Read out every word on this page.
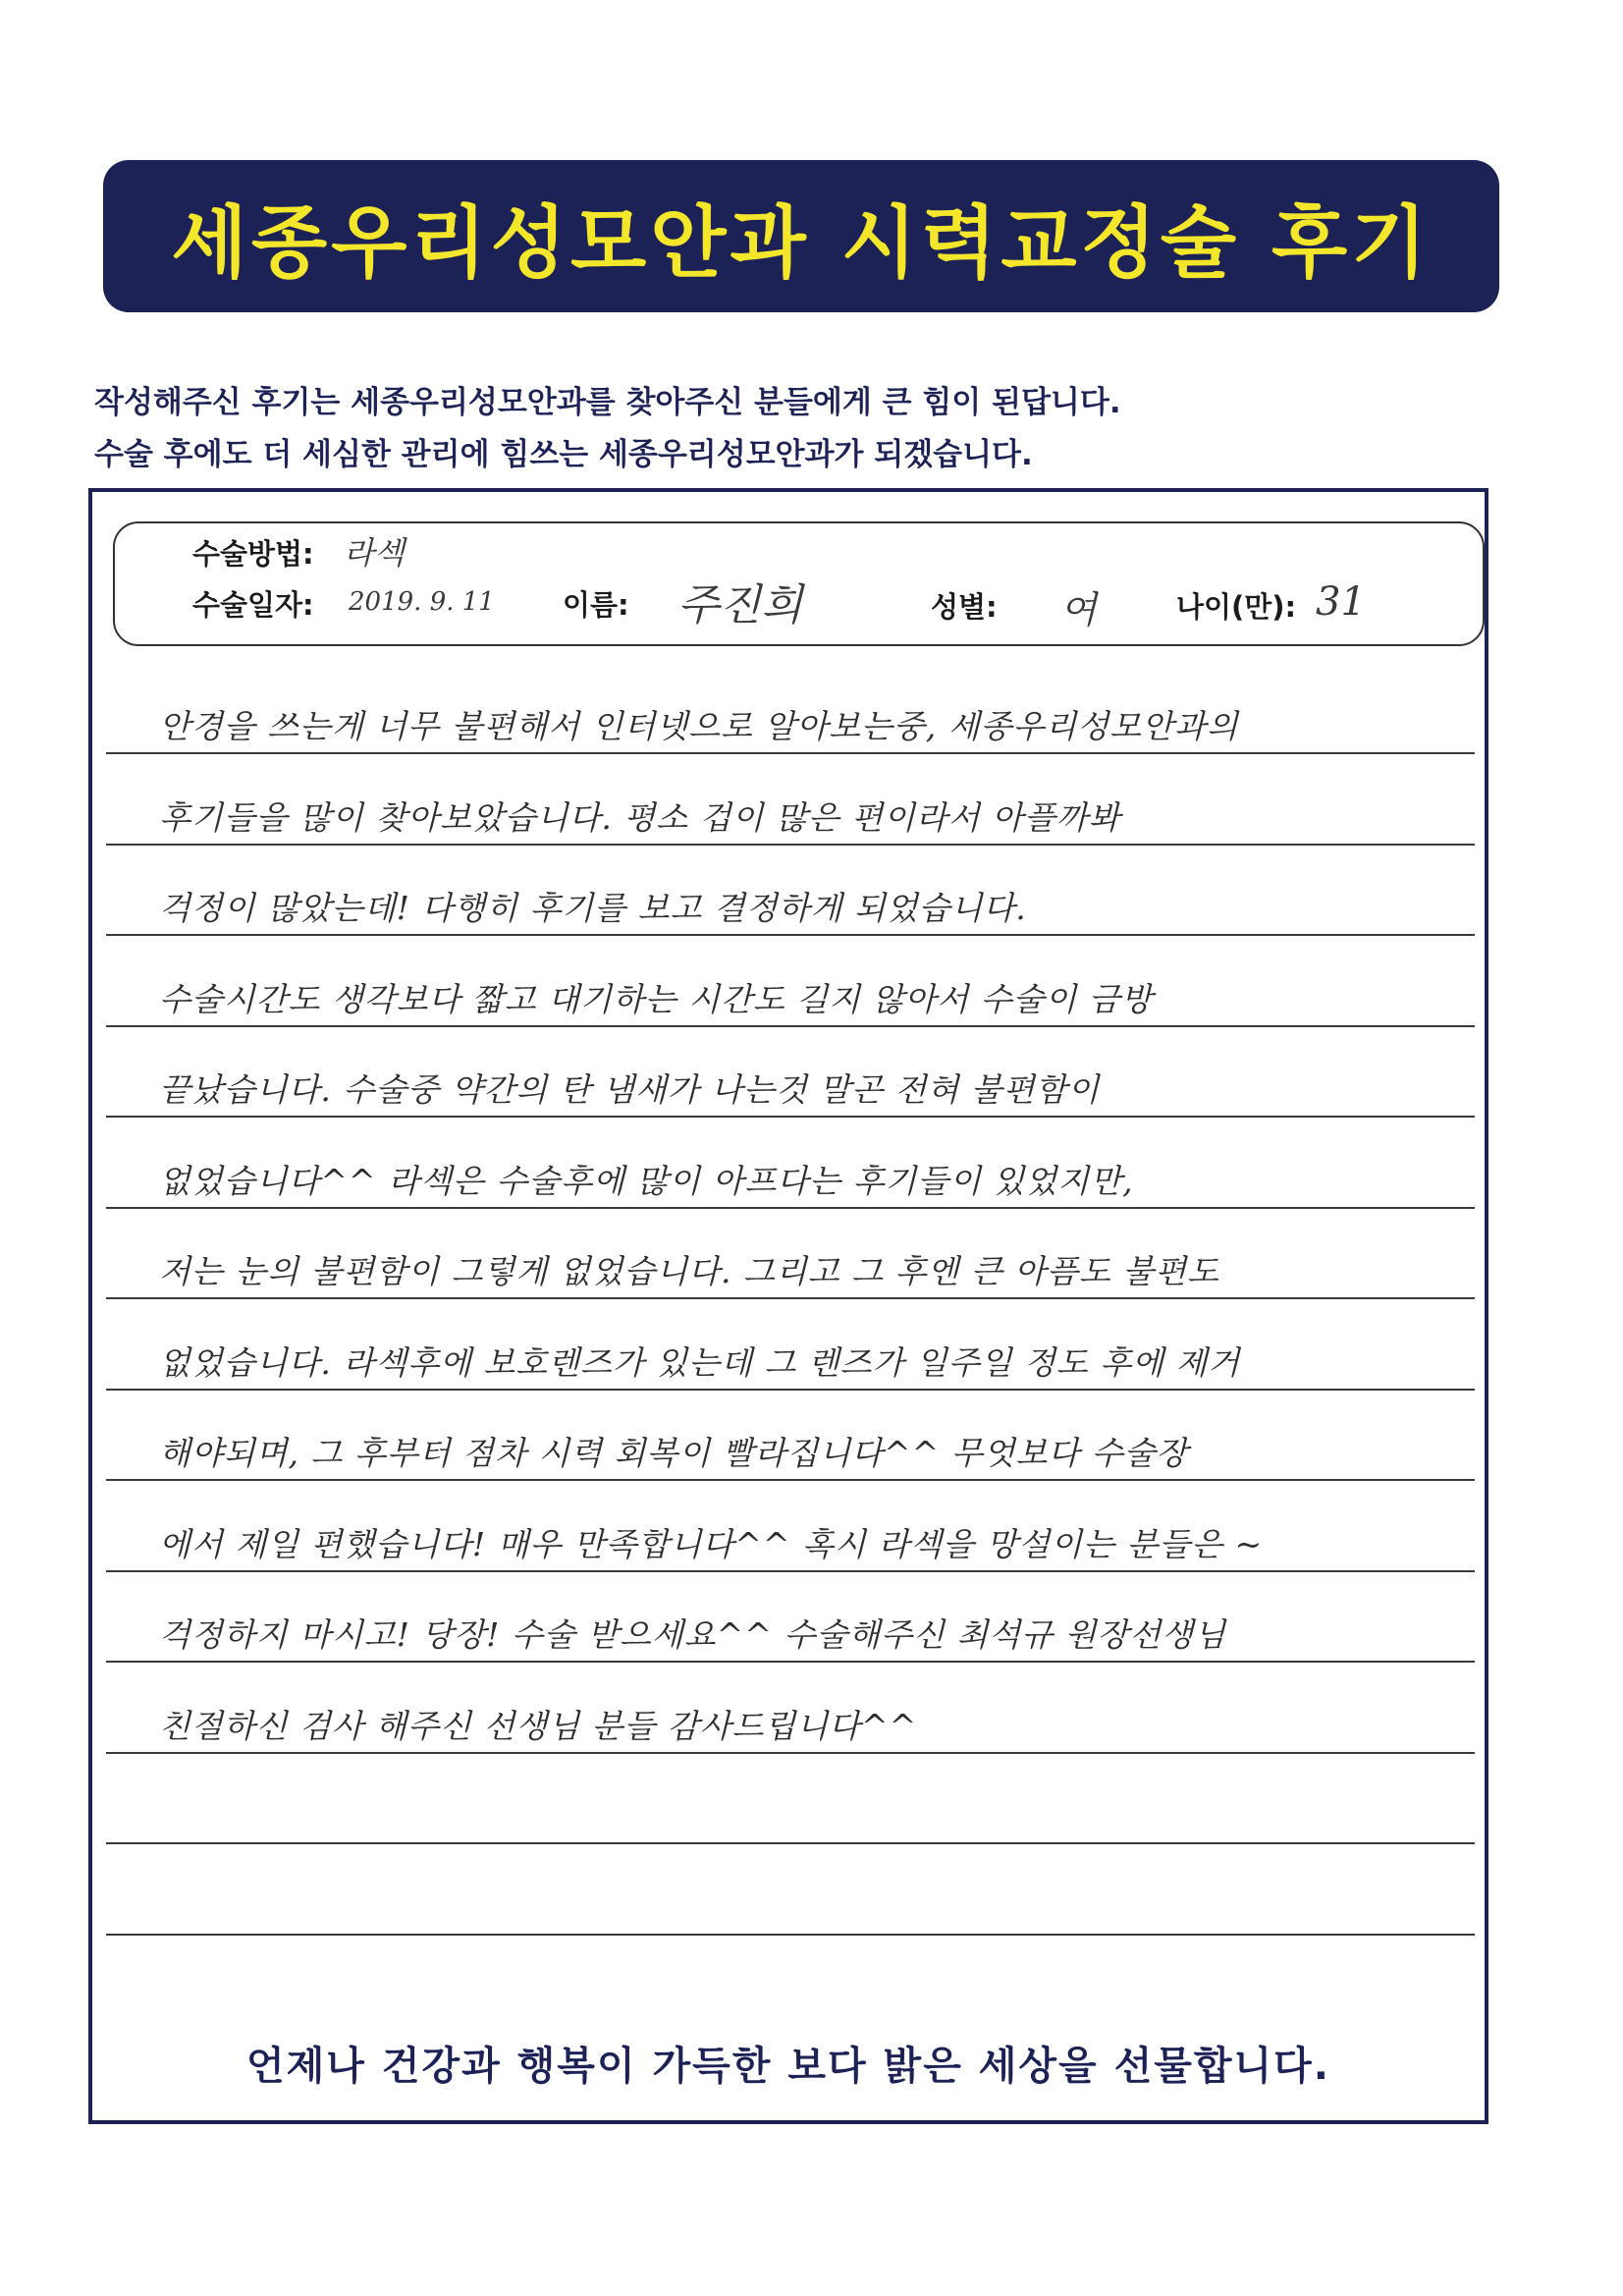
세종우리성모안과 시력교정술 후기
작성해주신 후기는 세종우리성모안과를 찾아주신 분들에게 큰 힘이 된답니다.
수술 후에도 더 세심한 관리에 힘쓰는 세종우리성모안과가 되겠습니다.
수술방법: 라섹
수술일자: 2019. 9. 11 이름: 주진희	성별: 여	나이(만): 31
안경을 쓰는게 너무 불편해서 인터넷으로 알아보는중, 세종우리성모안과의
후기들을 많이 찾아보았습니다. 평소 겁이 많은 편이라서 아플까봐
걱정이 많았는데! 다행히 후기를 보고 결정하게 되었습니다.
수술시간도 생각보다 짧고 대기하는 시간도 길지 않아서 수술이 금방
끝났습니다. 수술중 약간의 탄 냄새가 나는것 말곤 전혀 불편함이
없었습니다^^ 라섹은 수술후에 많이 아프다는 후기들이 있었지만,
저는 눈의 불편함이 그렇게 없었습니다. 그리고 그 후엔 큰 아픔도 불편도
없었습니다. 라섹후에 보호렌즈가 있는데 그 렌즈가 일주일 정도 후에 제거
해야되며, 그 후부터 점차 시력 회복이 빨라집니다^^ 무엇보다 수술장
에서 제일 편했습니다! 매우 만족합니다^^ 혹시 라섹을 망설이는 분들은 ~
걱정하지 마시고! 당장! 수술 받으세요^^ 수술해주신 최석규 원장선생님
친절하신 검사 해주신 선생님 분들 감사드립니다^^
언제나 건강과 행복이 가득한 보다 밝은 세상을 선물합니다.
